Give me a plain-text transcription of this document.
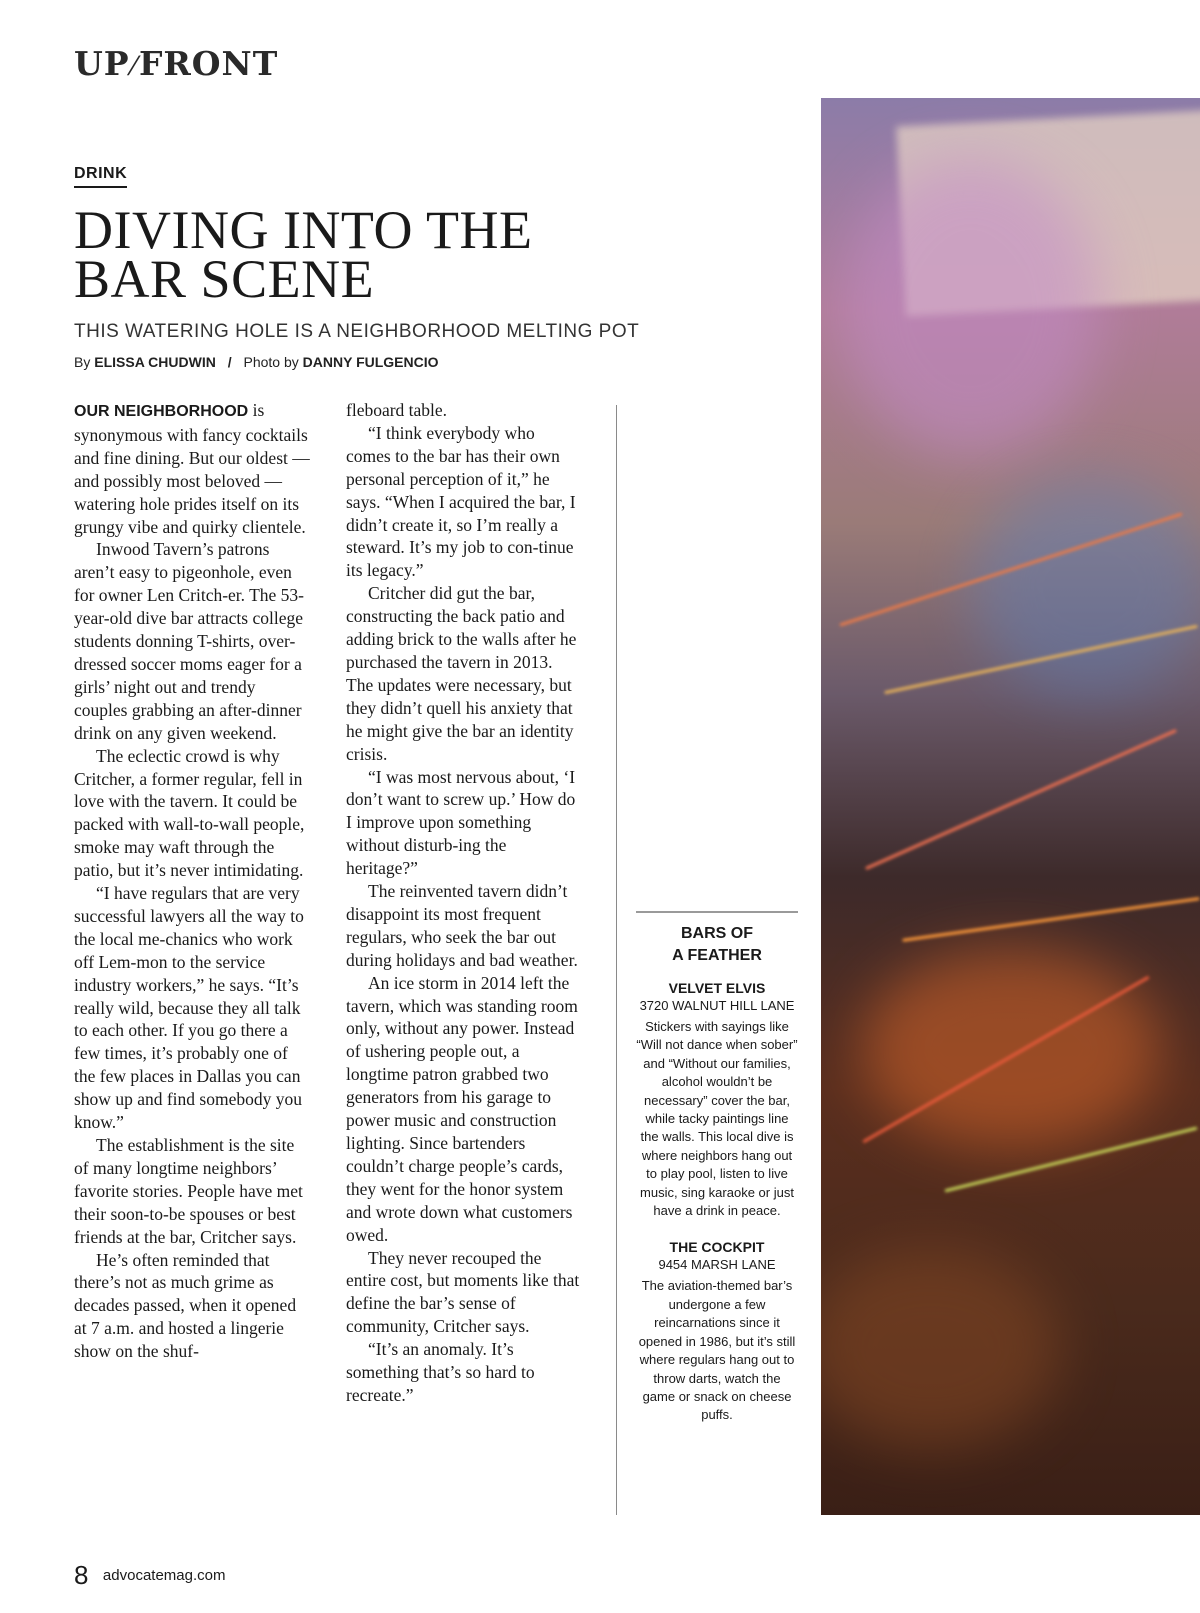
UP⁄FRONT
DRINK
DIVING INTO THE
BAR SCENE
THIS WATERING HOLE IS A NEIGHBORHOOD MELTING POT
By ELISSA CHUDWIN / Photo by DANNY FULGENCIO

OUR NEIGHBORHOOD is synonymous with fancy cocktails and fine dining. But our oldest — and possibly most beloved — watering hole prides itself on its grungy vibe and quirky clientele.

Inwood Tavern’s patrons aren’t easy to pigeonhole, even for owner Len Critch-er. The 53-year-old dive bar attracts college students donning T-shirts, over-dressed soccer moms eager for a girls’ night out and trendy couples grabbing an after-dinner drink on any given weekend.

The eclectic crowd is why Critcher, a former regular, fell in love with the tavern. It could be packed with wall-to-wall people, smoke may waft through the patio, but it’s never intimidating.

“I have regulars that are very successful lawyers all the way to the local me-chanics who work off Lem-mon to the service industry workers,” he says. “It’s really wild, because they all talk to each other. If you go there a few times, it’s probably one of the few places in Dallas you can show up and find somebody you know.”

The establishment is the site of many longtime neighbors’ favorite stories. People have met their soon-to-be spouses or best friends at the bar, Critcher says.

He’s often reminded that there’s not as much grime as decades passed, when it opened at 7 a.m. and hosted a lingerie show on the shuf-

fleboard table.

“I think everybody who comes to the bar has their own personal perception of it,” he says. “When I acquired the bar, I didn’t create it, so I’m really a steward. It’s my job to con-tinue its legacy.”

Critcher did gut the bar, constructing the back patio and adding brick to the walls after he purchased the tavern in 2013. The updates were necessary, but they didn’t quell his anxiety that he might give the bar an identity crisis.

“I was most nervous about, ‘I don’t want to screw up.’ How do I improve upon something without disturb-ing the heritage?”

The reinvented tavern didn’t disappoint its most frequent regulars, who seek the bar out during holidays and bad weather.

An ice storm in 2014 left the tavern, which was standing room only, without any power. Instead of ushering people out, a longtime patron grabbed two generators from his garage to power music and construction lighting. Since bartenders couldn’t charge people’s cards, they went for the honor system and wrote down what customers owed.

They never recouped the entire cost, but moments like that define the bar’s sense of community, Critcher says.

“It’s an anomaly. It’s something that’s so hard to recreate.”

BARS OF
A FEATHER
VELVET ELVIS
3720 WALNUT HILL LANE
Stickers with sayings like “Will not dance when sober” and “Without our families, alcohol wouldn’t be necessary” cover the bar, while tacky paintings line the walls. This local dive is where neighbors hang out to play pool, listen to live music, sing karaoke or just have a drink in peace.
THE COCKPIT
9454 MARSH LANE
The aviation-themed bar’s undergone a few reincarnations since it opened in 1986, but it’s still where regulars hang out to throw darts, watch the game or snack on cheese puffs.
8 advocatemag.com
